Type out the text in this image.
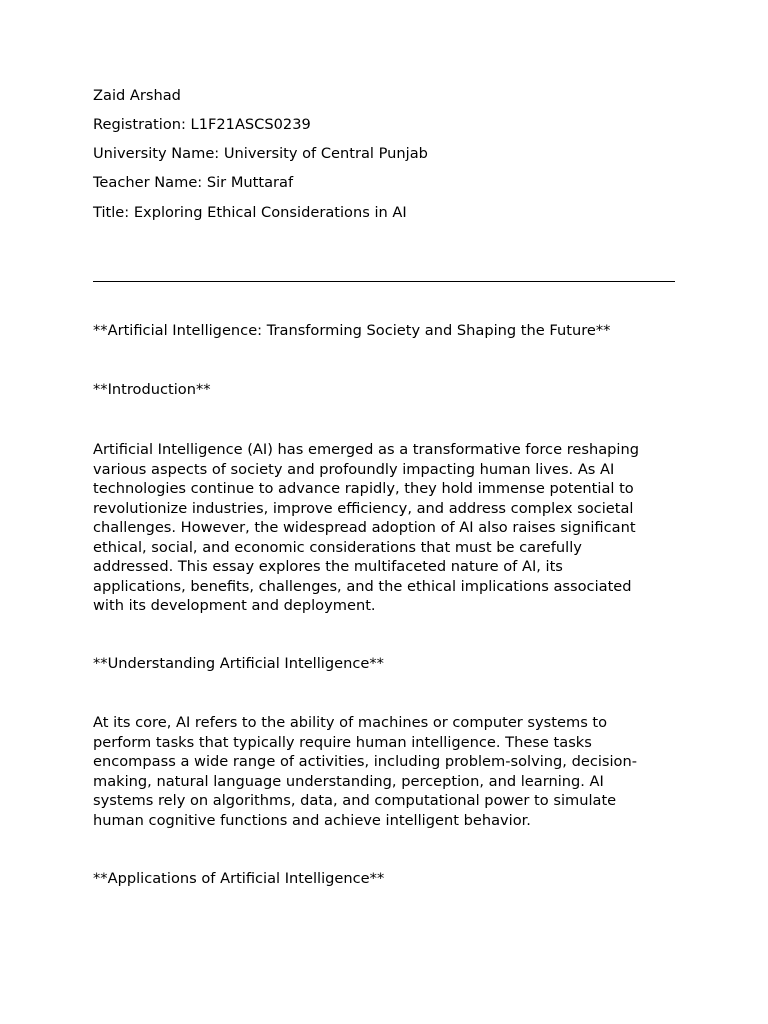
Zaid Arshad
Registration: L1F21ASCS0239
University Name: University of Central Punjab
Teacher Name: Sir Muttaraf
Title: Exploring Ethical Considerations in AI
**Artificial Intelligence: Transforming Society and Shaping the Future**
**Introduction**
Artificial Intelligence (AI) has emerged as a transformative force reshaping
various aspects of society and profoundly impacting human lives. As AI
technologies continue to advance rapidly, they hold immense potential to
revolutionize industries, improve efficiency, and address complex societal
challenges. However, the widespread adoption of AI also raises significant
ethical, social, and economic considerations that must be carefully
addressed. This essay explores the multifaceted nature of AI, its
applications, benefits, challenges, and the ethical implications associated
with its development and deployment.
**Understanding Artificial Intelligence**
At its core, AI refers to the ability of machines or computer systems to
perform tasks that typically require human intelligence. These tasks
encompass a wide range of activities, including problem-solving, decision-
making, natural language understanding, perception, and learning. AI
systems rely on algorithms, data, and computational power to simulate
human cognitive functions and achieve intelligent behavior.
**Applications of Artificial Intelligence**
